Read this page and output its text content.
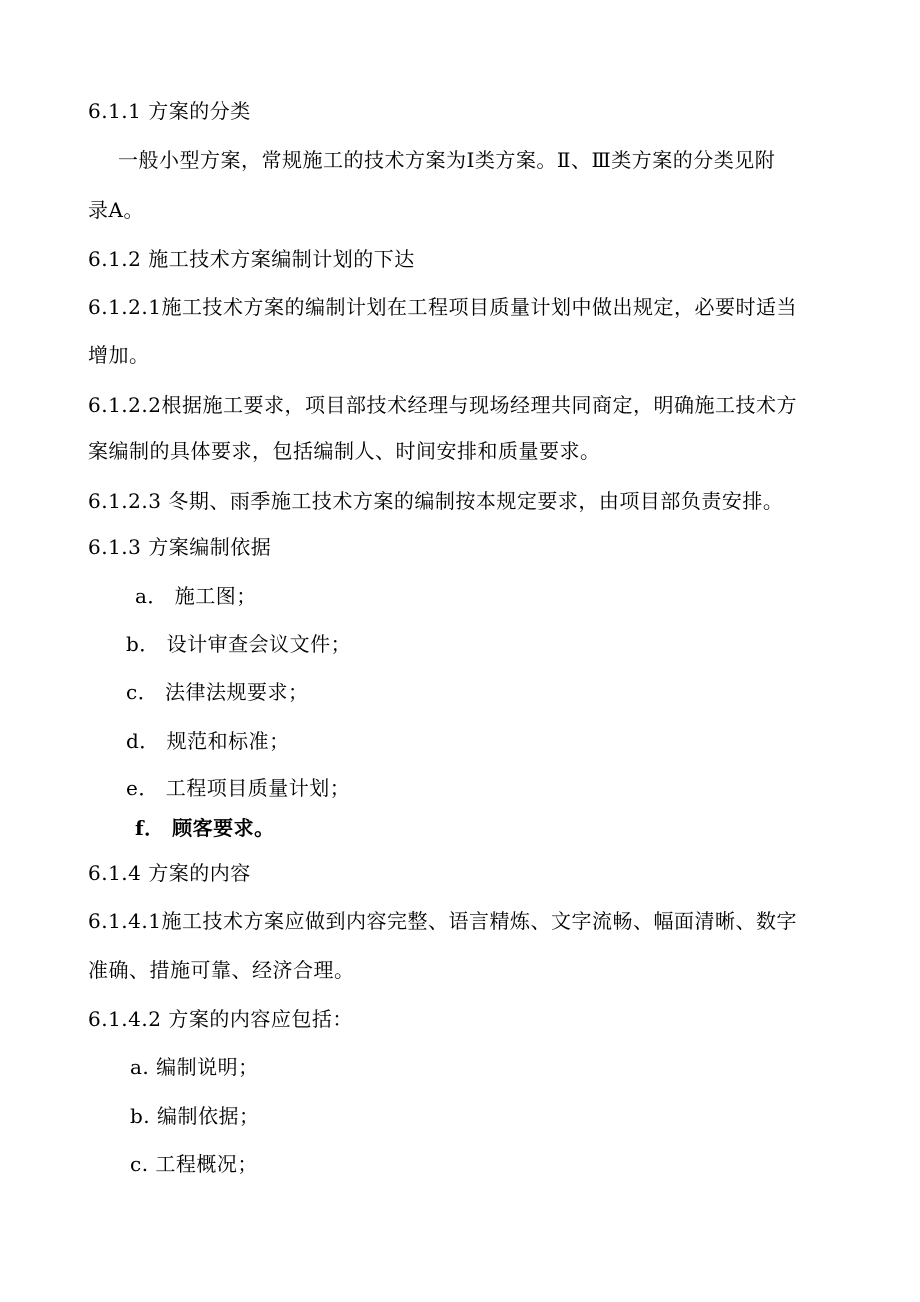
6.1.1 方案的分类
一般小型方案，常规施工的技术方案为Ⅰ类方案。Ⅱ、Ⅲ类方案的分类见附
录A。
6.1.2 施工技术方案编制计划的下达
6.1.2.1施工技术方案的编制计划在工程项目质量计划中做出规定，必要时适当
增加。
6.1.2.2根据施工要求，项目部技术经理与现场经理共同商定，明确施工技术方
案编制的具体要求，包括编制人、时间安排和质量要求。
6.1.2.3 冬期、雨季施工技术方案的编制按本规定要求，由项目部负责安排。
6.1.3 方案编制依据
a． 施工图；
b． 设计审查会议文件；
c． 法律法规要求；
d． 规范和标准；
e． 工程项目质量计划；
f． 顾客要求。
6.1.4 方案的内容
6.1.4.1施工技术方案应做到内容完整、语言精炼、文字流畅、幅面清晰、数字
准确、措施可靠、经济合理。
6.1.4.2 方案的内容应包括：
a. 编制说明；
b. 编制依据；
c. 工程概况；
